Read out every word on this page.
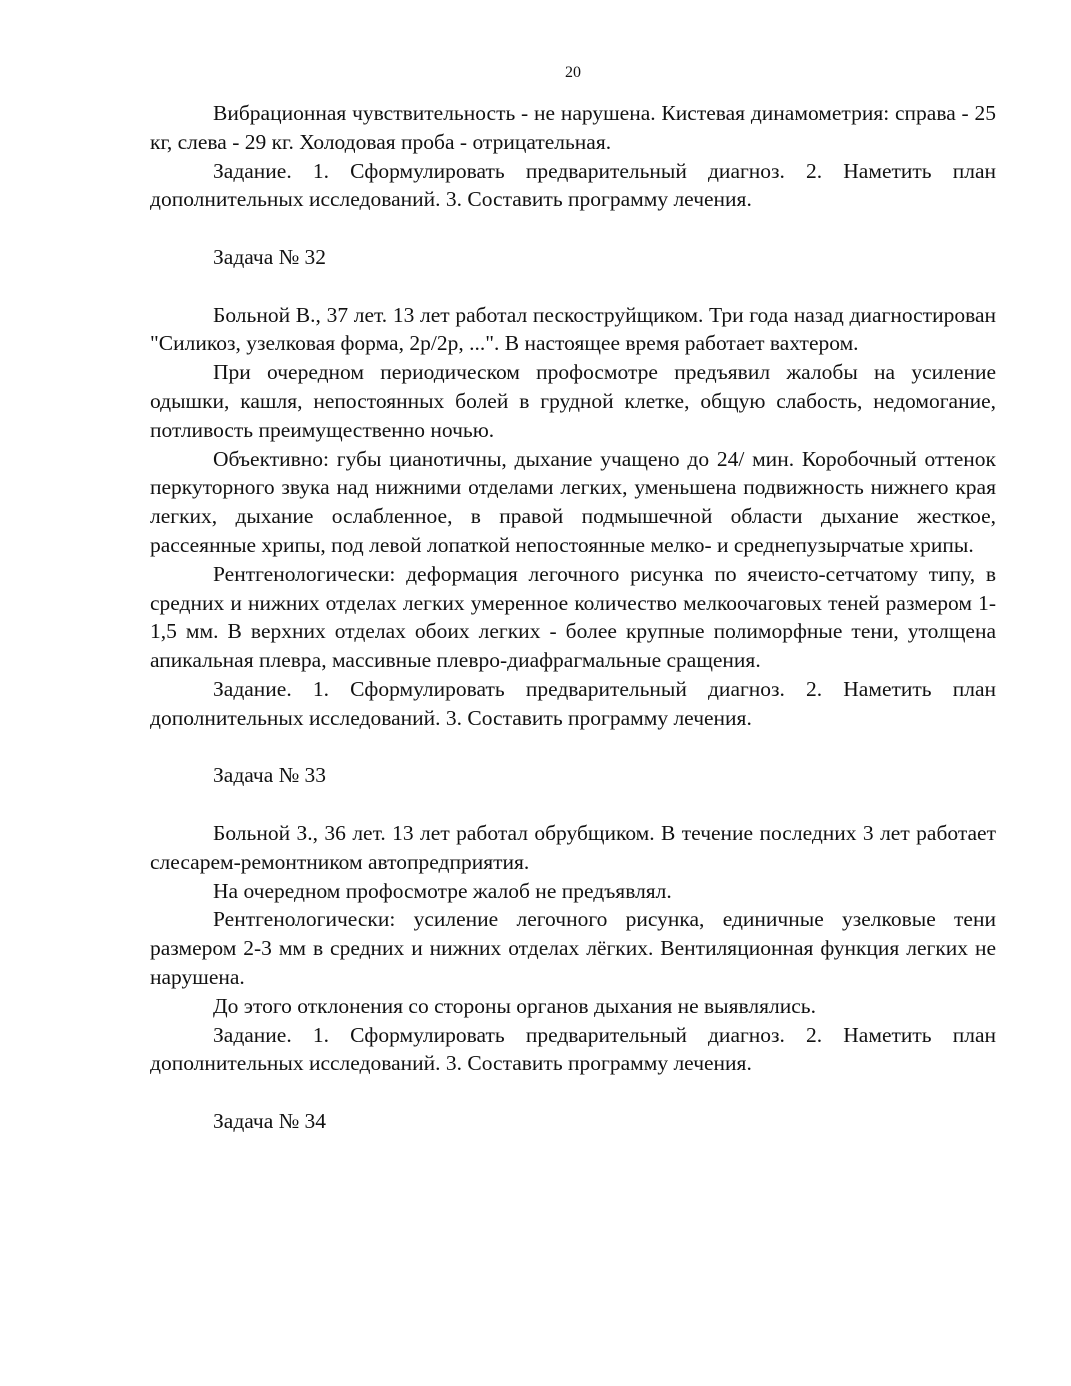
20

Вибрационная чувствительность - не нарушена. Кистевая динамометрия: справа - 25 кг, слева - 29 кг. Холодовая проба - отрицательная.

Задание. 1. Сформулировать предварительный диагноз. 2. Наметить план дополнительных исследований. 3. Составить программу лечения.

Задача № 32

Больной В., 37 лет. 13 лет работал пескоструйщиком. Три года назад диагностирован "Силикоз, узелковая форма, 2р/2р, ...". В настоящее время работает вахтером.

При очередном периодическом профосмотре предъявил жалобы на усиление одышки, кашля, непостоянных болей в грудной клетке, общую слабость, недомогание, потливость преимущественно ночью.

Объективно: губы цианотичны, дыхание учащено до 24/ мин. Коробочный оттенок перкуторного звука над нижними отделами легких, уменьшена подвижность нижнего края легких, дыхание ослабленное, в правой подмышечной области дыхание жесткое, рассеянные хрипы, под левой лопаткой непостоянные мелко- и среднепузырчатые хрипы.

Рентгенологически: деформация легочного рисунка по ячеисто-сетчатому типу, в средних и нижних отделах легких умеренное количество мелкоочаговых теней размером 1-1,5 мм. В верхних отделах обоих легких - более крупные полиморфные тени, утолщена апикальная плевра, массивные плевро-диафрагмальные сращения.

Задание. 1. Сформулировать предварительный диагноз. 2. Наметить план дополнительных исследований. 3. Составить программу лечения.

Задача № 33

Больной З., 36 лет. 13 лет работал обрубщиком. В течение последних 3 лет работает слесарем-ремонтником автопредприятия.

На очередном профосмотре жалоб не предъявлял.

Рентгенологически: усиление легочного рисунка, единичные узелковые тени размером 2-3 мм в средних и нижних отделах лёгких. Вентиляционная функция легких не нарушена.

До этого отклонения со стороны органов дыхания не выявлялись.

Задание. 1. Сформулировать предварительный диагноз. 2. Наметить план дополнительных исследований. 3. Составить программу лечения.

Задача № 34
